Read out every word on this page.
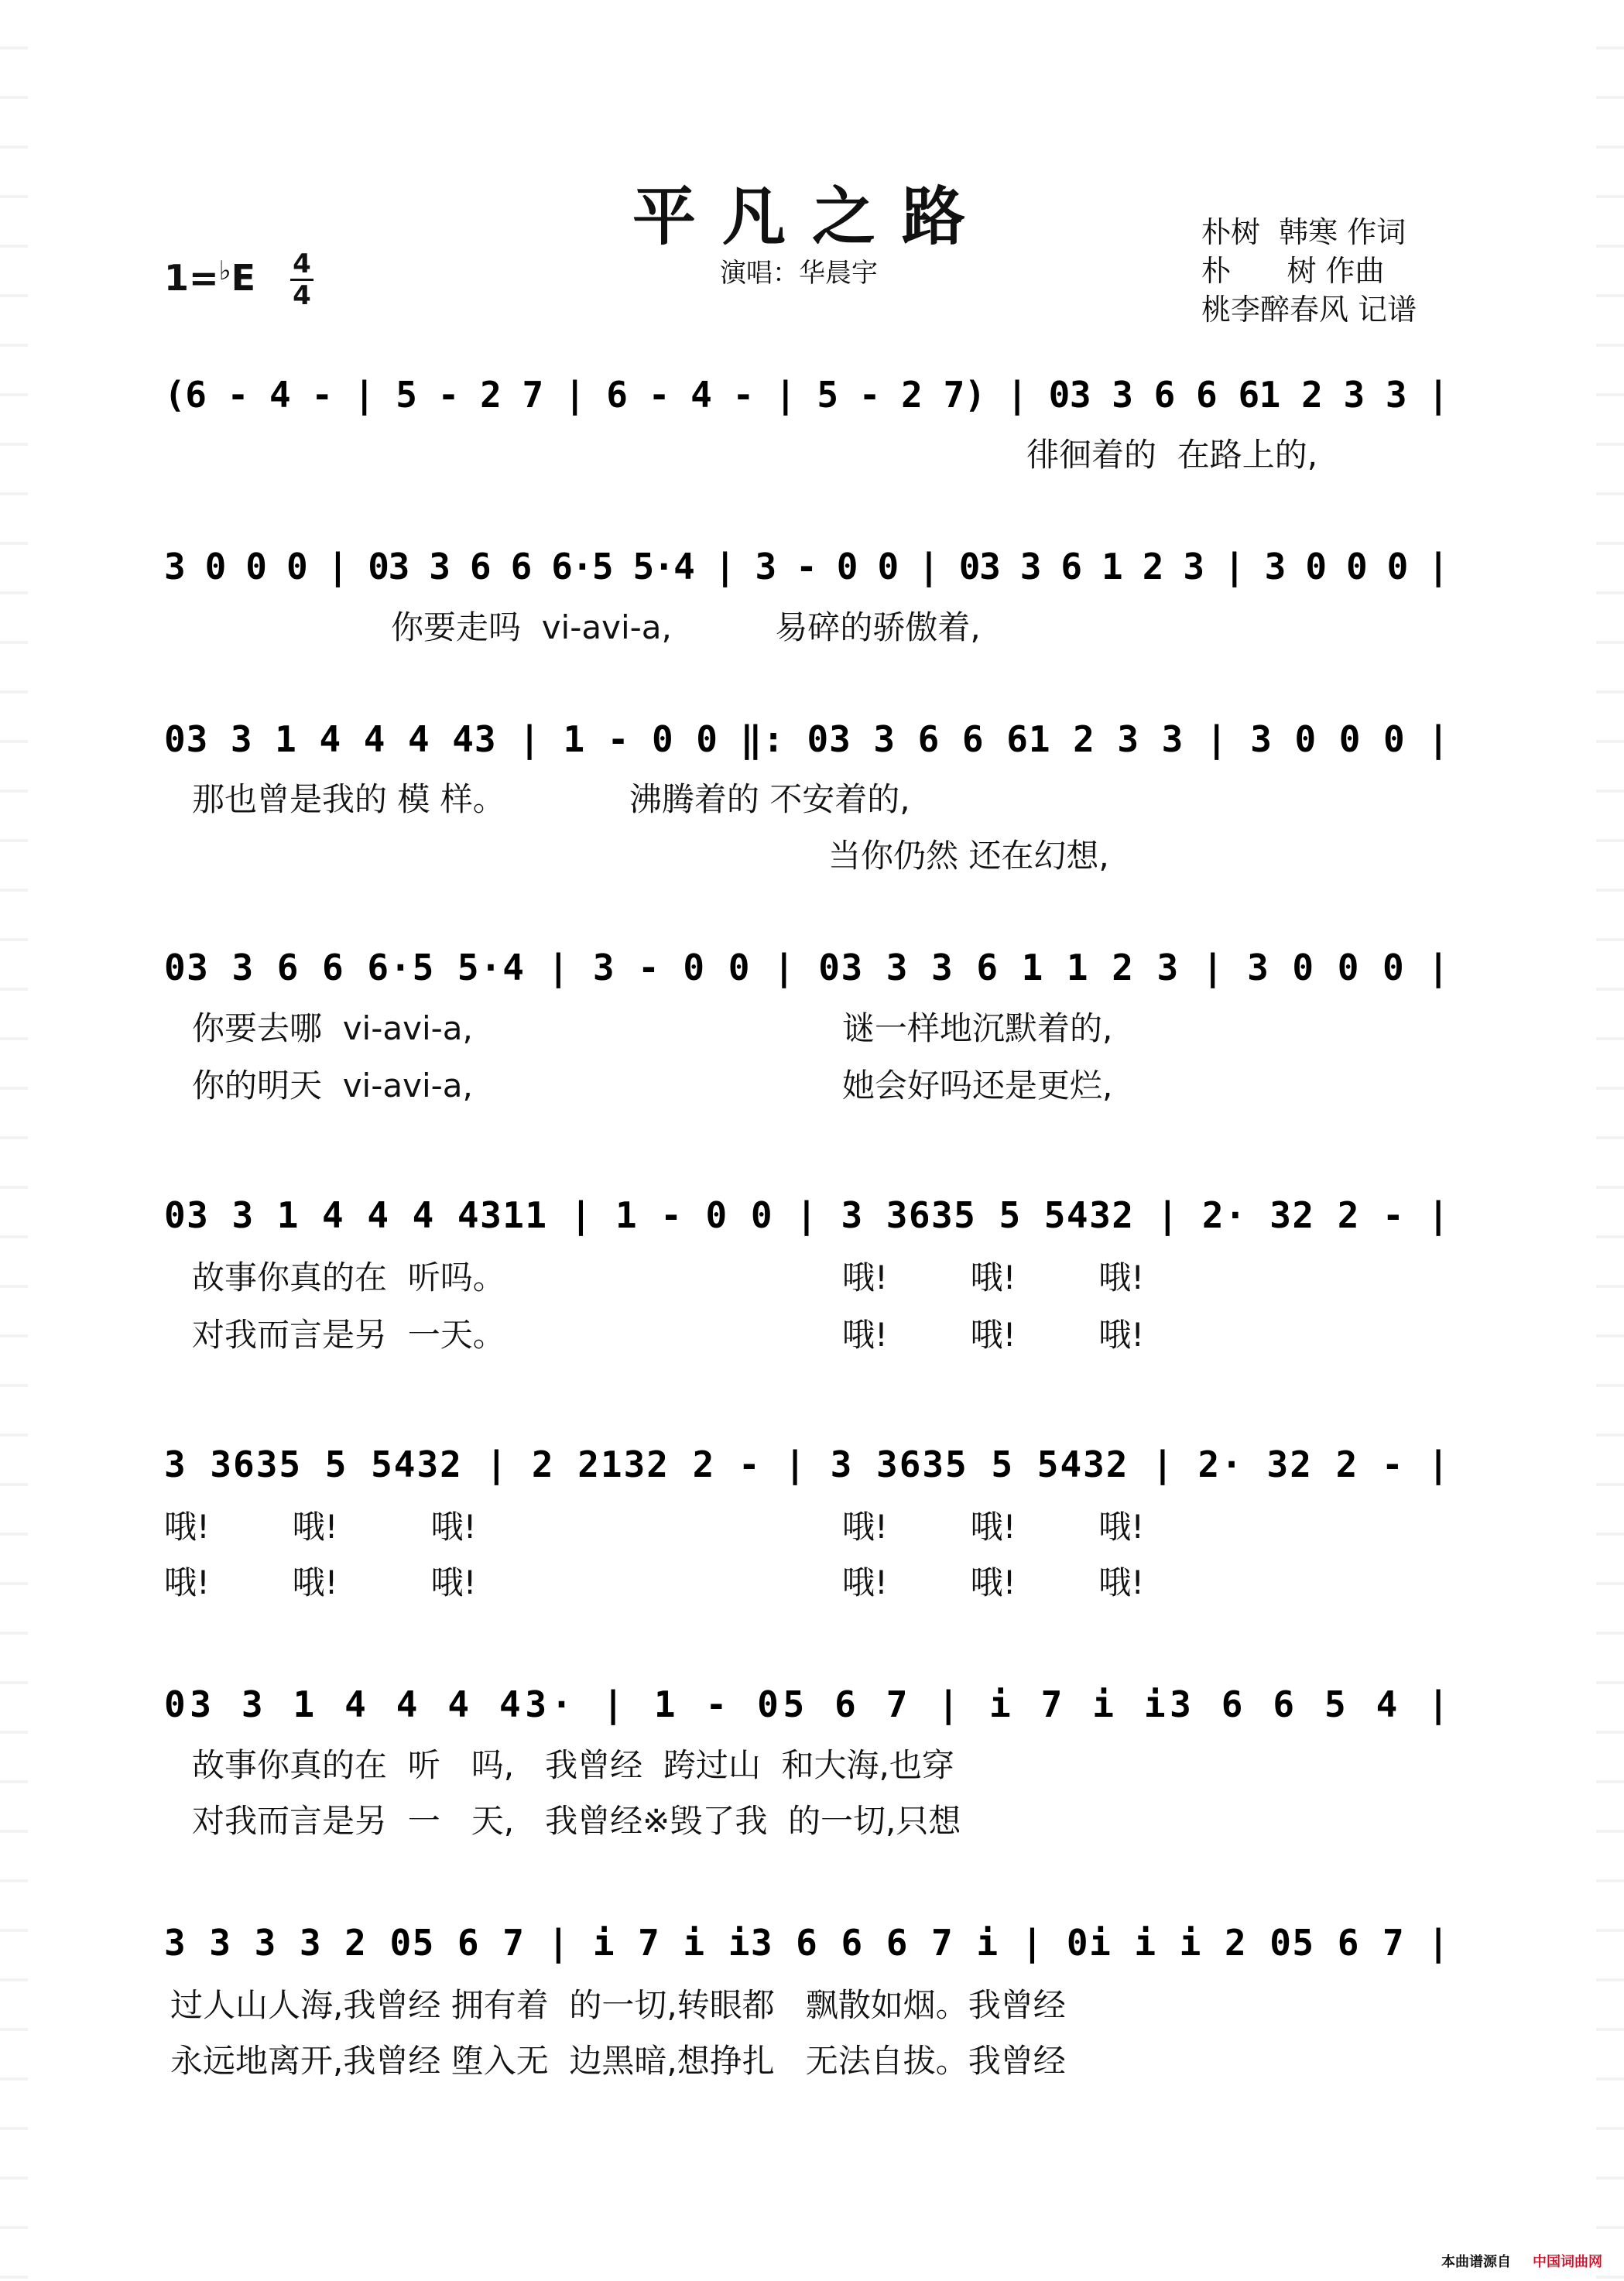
平凡之路
演唱：华晨宇
1=♭E 4
4
朴树  韩寒 作词
朴      树 作曲
桃李醉春风 记谱
(6 - 4 - | 5 - 2 7 | 6 - 4 - | 5 - 2 7) | 03 3 6 6 61 2 3 3 |
徘徊着的  在路上的,
3 0 0 0 | 03 3 6 6 6·5 5·4 | 3 - 0 0 | 03 3 6 1 2 3 | 3 0 0 0 |
你要走吗  vi-avi-a,          易碎的骄傲着,
03 3 1 4 4 4 43 | 1 - 0 0 ‖: 03 3 6 6 61 2 3 3 | 3 0 0 0 |
那也曾是我的 模 样。            沸腾着的 不安着的,
当你仍然 还在幻想,
03 3 6 6 6·5 5·4 | 3 - 0 0 | 03 3 3 6 1 1 2 3 | 3 0 0 0 |
你要去哪  vi-avi-a,	谜一样地沉默着的,
你的明天  vi-avi-a,	她会好吗还是更烂,
03 3 1 4 4 4 4311 | 1 - 0 0 | 3 3635 5 5432 | 2· 32 2 - |
故事你真的在  听吗。	哦!        哦!        哦!
对我而言是另  一天。	哦!        哦!        哦!
3 3635 5 5432 | 2 2132 2 - | 3 3635 5 5432 | 2· 32 2 - |
哦!        哦!         哦!	哦!        哦!        哦!
哦!        哦!         哦!	哦!        哦!        哦!
03 3 1 4 4 4 43· | 1 - 05 6 7 | i 7 i i3 6 6 5 4 |
故事你真的在  听   吗,   我曾经  跨过山  和大海,也穿
对我而言是另  一   天,   我曾经※毁了我  的一切,只想
3 3 3 3 2 05 6 7 | i 7 i i3 6 6 6 7 i | 0i i i 2 05 6 7 |
过人山人海,我曾经 拥有着  的一切,转眼都   飘散如烟。我曾经
永远地离开,我曾经 堕入无  边黑暗,想挣扎   无法自拔。我曾经
本曲谱源自 中国词曲网
